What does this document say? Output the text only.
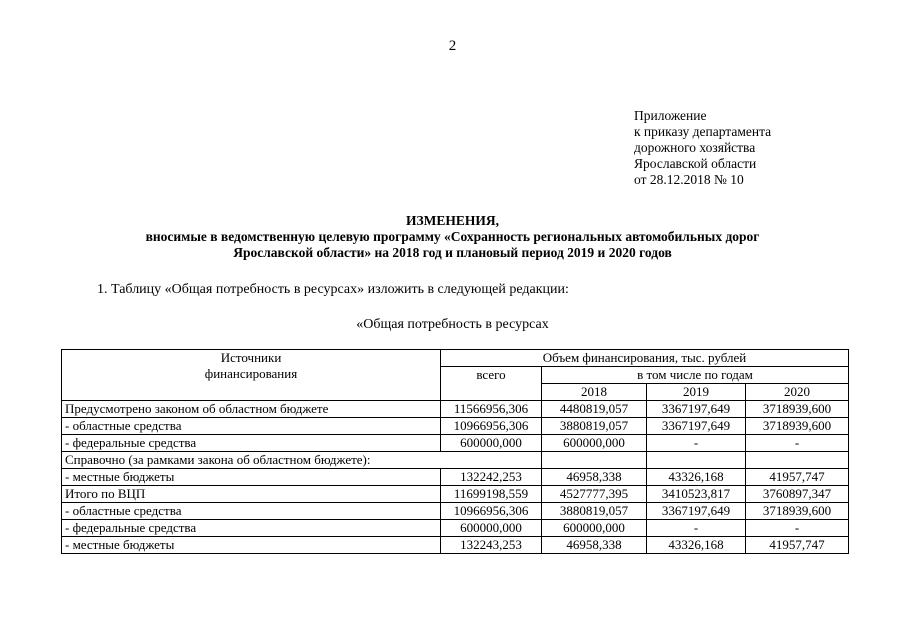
2
Приложение
к приказу департамента
дорожного хозяйства
Ярославской области
от 28.12.2018 № 10
ИЗМЕНЕНИЯ,
вносимые в ведомственную целевую программу «Сохранность региональных автомобильных дорог
Ярославской области» на 2018 год и плановый период 2019 и 2020 годов
1. Таблицу «Общая потребность в ресурсах» изложить в следующей редакции:
«Общая потребность в ресурсах
Источники
финансирования	Объем финансирования, тыс. рублей			
	всего	в том числе по годам		
		2018	2019	2020
Предусмотрено законом об областном бюджете	11566956,306	4480819,057	3367197,649	3718939,600
- областные средства	10966956,306	3880819,057	3367197,649	3718939,600
- федеральные средства	600000,000	600000,000	-	-
Справочно (за рамками закона об областном бюджете):				
- местные бюджеты	132242,253	46958,338	43326,168	41957,747
Итого по ВЦП	11699198,559	4527777,395	3410523,817	3760897,347
- областные средства	10966956,306	3880819,057	3367197,649	3718939,600
- федеральные средства	600000,000	600000,000	-	-
- местные бюджеты	132243,253	46958,338	43326,168	41957,747
